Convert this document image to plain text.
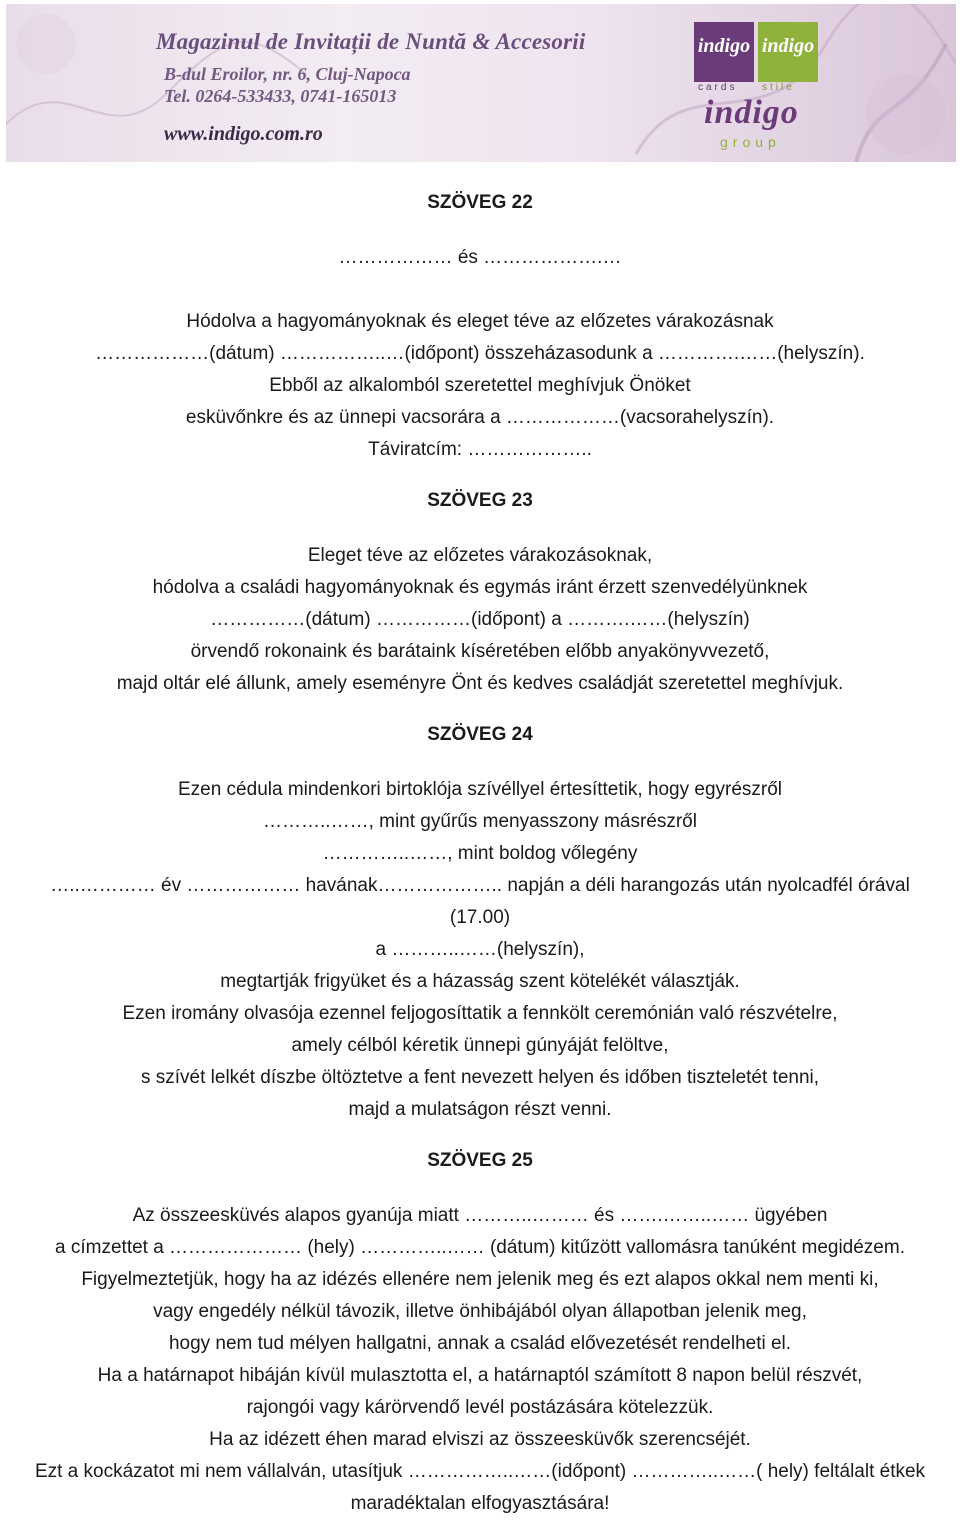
Magazinul de Invitații de Nuntă & Accesorii
B-dul Eroilor, nr. 6, Cluj-Napoca
Tel. 0264-533433, 0741-165013
www.indigo.com.ro
indigo indigo
cards stile
indigo
group

SZÖVEG 22

……………… és ……………….…

Hódolva a hagyományoknak és eleget téve az előzetes várakozásnak

………………(dátum) ……………..…(időpont) összeházasodunk a ………….……(helyszín).

Ebből az alkalomból szeretettel meghívjuk Önöket

esküvőnkre és az ünnepi vacsorára a ………………(vacsorahelyszín).

Táviratcím: ………………..

SZÖVEG 23

Eleget téve az előzetes várakozásoknak,

hódolva a családi hagyományoknak és egymás iránt érzett szenvedélyünknek

……………(dátum) ……………(időpont) a ……….……(helyszín)

örvendő rokonaink és barátaink kíséretében előbb anyakönyvvezető,

majd oltár elé állunk, amely eseményre Önt és kedves családját szeretettel meghívjuk.

SZÖVEG 24

Ezen cédula mindenkori birtoklója szívéllyel értesíttetik, hogy egyrészről

………..……, mint gyűrűs menyasszony másrészről

…………..……, mint boldog vőlegény

…..………… év ……………… havának……………….. napján a déli harangozás után nyolcadfél órával

(17.00)

a ………..……(helyszín),

megtartják frigyüket és a házasság szent kötelékét választják.

Ezen iromány olvasója ezennel feljogosíttatik a fennkölt ceremónián való részvételre,

amely célból kéretik ünnepi gúnyáját felöltve,

s szívét lelkét díszbe öltöztetve a fent nevezett helyen és időben tiszteletét tenni,

majd a mulatságon részt venni.

SZÖVEG 25

Az összeesküvés alapos gyanúja miatt ………..……… és …….……..…… ügyében

a címzettet a ………………… (hely) …………..…… (dátum) kitűzött vallomásra tanúként megidézem.

Figyelmeztetjük, hogy ha az idézés ellenére nem jelenik meg és ezt alapos okkal nem menti ki,

vagy engedély nélkül távozik, illetve önhibájából olyan állapotban jelenik meg,

hogy nem tud mélyen hallgatni, annak a család elővezetését rendelheti el.

Ha a határnapot hibáján kívül mulasztotta el, a határnaptól számított 8 napon belül részvét,

rajongói vagy kárörvendő levél postázására kötelezzük.

Ha az idézett éhen marad elviszi az összeesküvők szerencséjét.

Ezt a kockázatot mi nem vállalván, utasítjuk ……………..……(időpont) …………..……( hely) feltálalt étkek

maradéktalan elfogyasztására!
